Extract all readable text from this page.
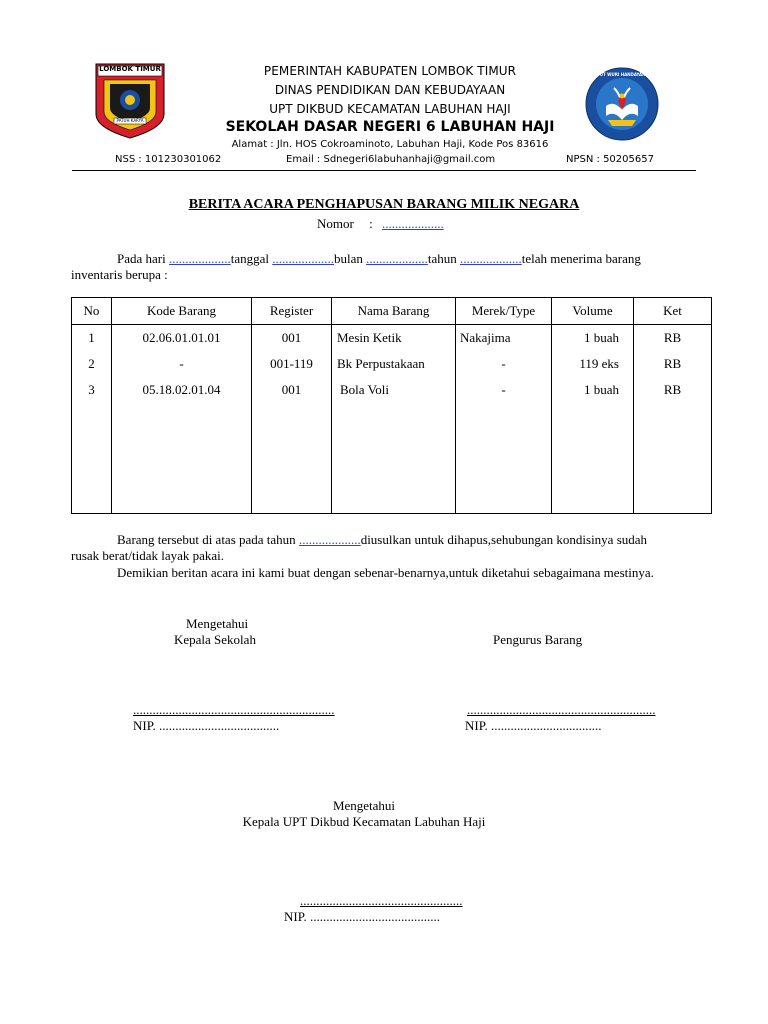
LOMBOK TIMUR
PATUH KARYA
TUT WURI HANDAYANI
PEMERINTAH KABUPATEN LOMBOK TIMUR
DINAS PENDIDIKAN DAN KEBUDAYAAN
UPT DIKBUD KECAMATAN LABUHAN HAJI
SEKOLAH DASAR NEGERI 6 LABUHAN HAJI
Alamat : Jln. HOS Cokroaminoto, Labuhan Haji, Kode Pos 83616
NSS : 101230301062	Email : Sdnegeri6labuhanhaji@gmail.com	NPSN : 50205657
BERITA ACARA PENGHAPUSAN BARANG MILIK NEGARA
Nomor : ...................
Pada hari ...................tanggal ...................bulan ...................tahun ...................telah menerima barang
inventaris berupa :
No	Kode Barang	Register	Nama Barang	Merek/Type	Volume	Ket
1	02.06.01.01.01	001	Mesin Ketik	Nakajima	1 buah	RB
2	-	001-119	Bk Perpustakaan	-	119 eks	RB
3	05.18.02.01.04	001	Bola Voli	-	1 buah	RB

Barang tersebut di atas pada tahun ...................diusulkan untuk dihapus,sehubungan kondisinya sudah
rusak berat/tidak layak pakai.
Demikian beritan acara ini kami buat dengan sebenar-benarnya,untuk diketahui sebagaimana mestinya.
Mengetahui
Kepala Sekolah	Pengurus Barang
..............................................................	..........................................................
NIP. .....................................	NIP. ..................................
Mengetahui
Kepala UPT Dikbud Kecamatan Labuhan Haji
..................................................
NIP. ........................................
